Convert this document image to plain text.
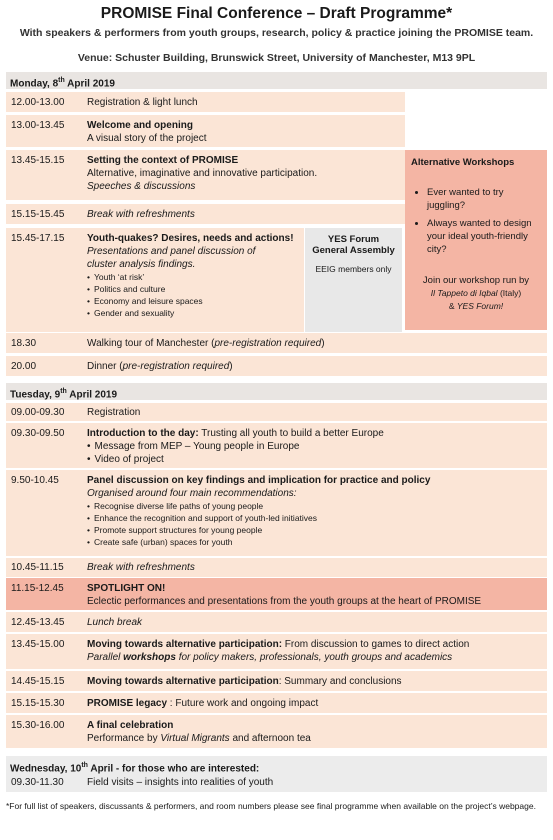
PROMISE Final Conference – Draft Programme*
With speakers & performers from youth groups, research, policy & practice joining the PROMISE team.
Venue: Schuster Building, Brunswick Street, University of Manchester, M13 9PL
Monday, 8th April 2019
12.00-13.00 Registration & light lunch
13.00-13.45 Welcome and opening
A visual story of the project
13.45-15.15 Setting the context of PROMISE
Alternative, imaginative and innovative participation.
Speeches & discussions
15.15-15.45 Break with refreshments
15.45-17.15 Youth-quakes? Desires, needs and actions!
Presentations and panel discussion of
cluster analysis findings.
• Youth ‘at risk’
• Politics and culture
• Economy and leisure spaces
• Gender and sexuality
YES Forum
General Assembly
EEIG members only
Alternative Workshops
• Ever wanted to try juggling?
• Always wanted to design your ideal youth-friendly city?
Join our workshop run by
Il Tappeto di Iqbal (Italy)
& YES Forum!
18.30	Walking tour of Manchester (pre-registration required)
20.00	Dinner (pre-registration required)
Tuesday, 9th April 2019
09.00-09.30 Registration
09.30-09.50 Introduction to the day: Trusting all youth to build a better Europe
• Message from MEP – Young people in Europe
• Video of project
9.50-10.45	Panel discussion on key findings and implication for practice and policy
Organised around four main recommendations:
• Recognise diverse life paths of young people
• Enhance the recognition and support of youth-led initiatives
• Promote support structures for young people
• Create safe (urban) spaces for youth
10.45-11.15 Break with refreshments
11.15-12.45 SPOTLIGHT ON!
Eclectic performances and presentations from the youth groups at the heart of PROMISE
12.45-13.45 Lunch break
13.45-15.00 Moving towards alternative participation: From discussion to games to direct action
Parallel workshops for policy makers, professionals, youth groups and academics
14.45-15.15 Moving towards alternative participation: Summary and conclusions
15.15-15.30 PROMISE legacy : Future work and ongoing impact
15.30-16.00 A final celebration
Performance by Virtual Migrants and afternoon tea
Wednesday, 10th April - for those who are interested:
09.30-11.30 Field visits – insights into realities of youth
*For full list of speakers, discussants & performers, and room numbers please see final programme when available on the project’s webpage.
